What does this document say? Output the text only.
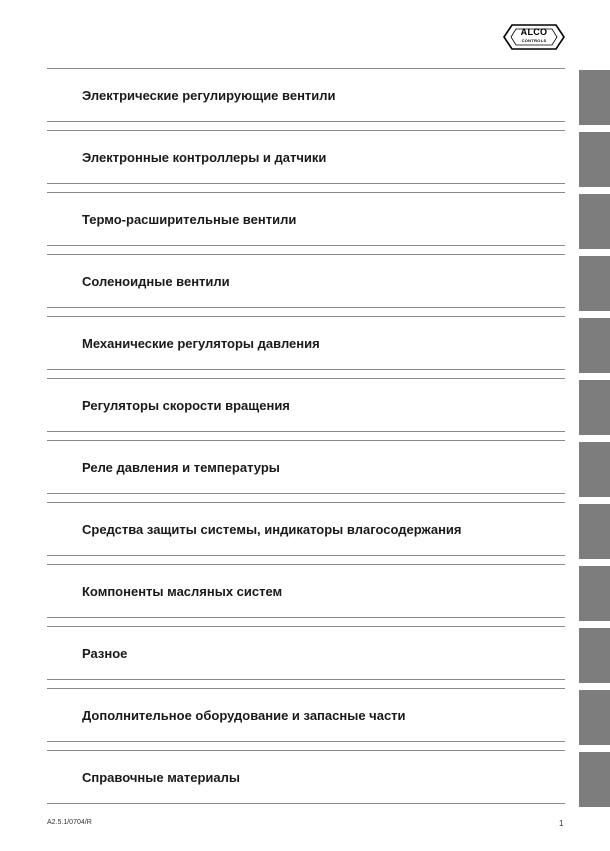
ALCO
CONTROLS
Электрические регулирующие вентили
Электронные контроллеры и датчики
Термо-расширительные вентили
Соленоидные вентили
Механические регуляторы давления
Регуляторы скорости вращения
Реле давления и температуры
Средства защиты системы, индикаторы влагосодержания
Компоненты масляных систем
Разное
Дополнительное оборудование и запасные части
Справочные материалы
A2.5.1/0704/R	1
